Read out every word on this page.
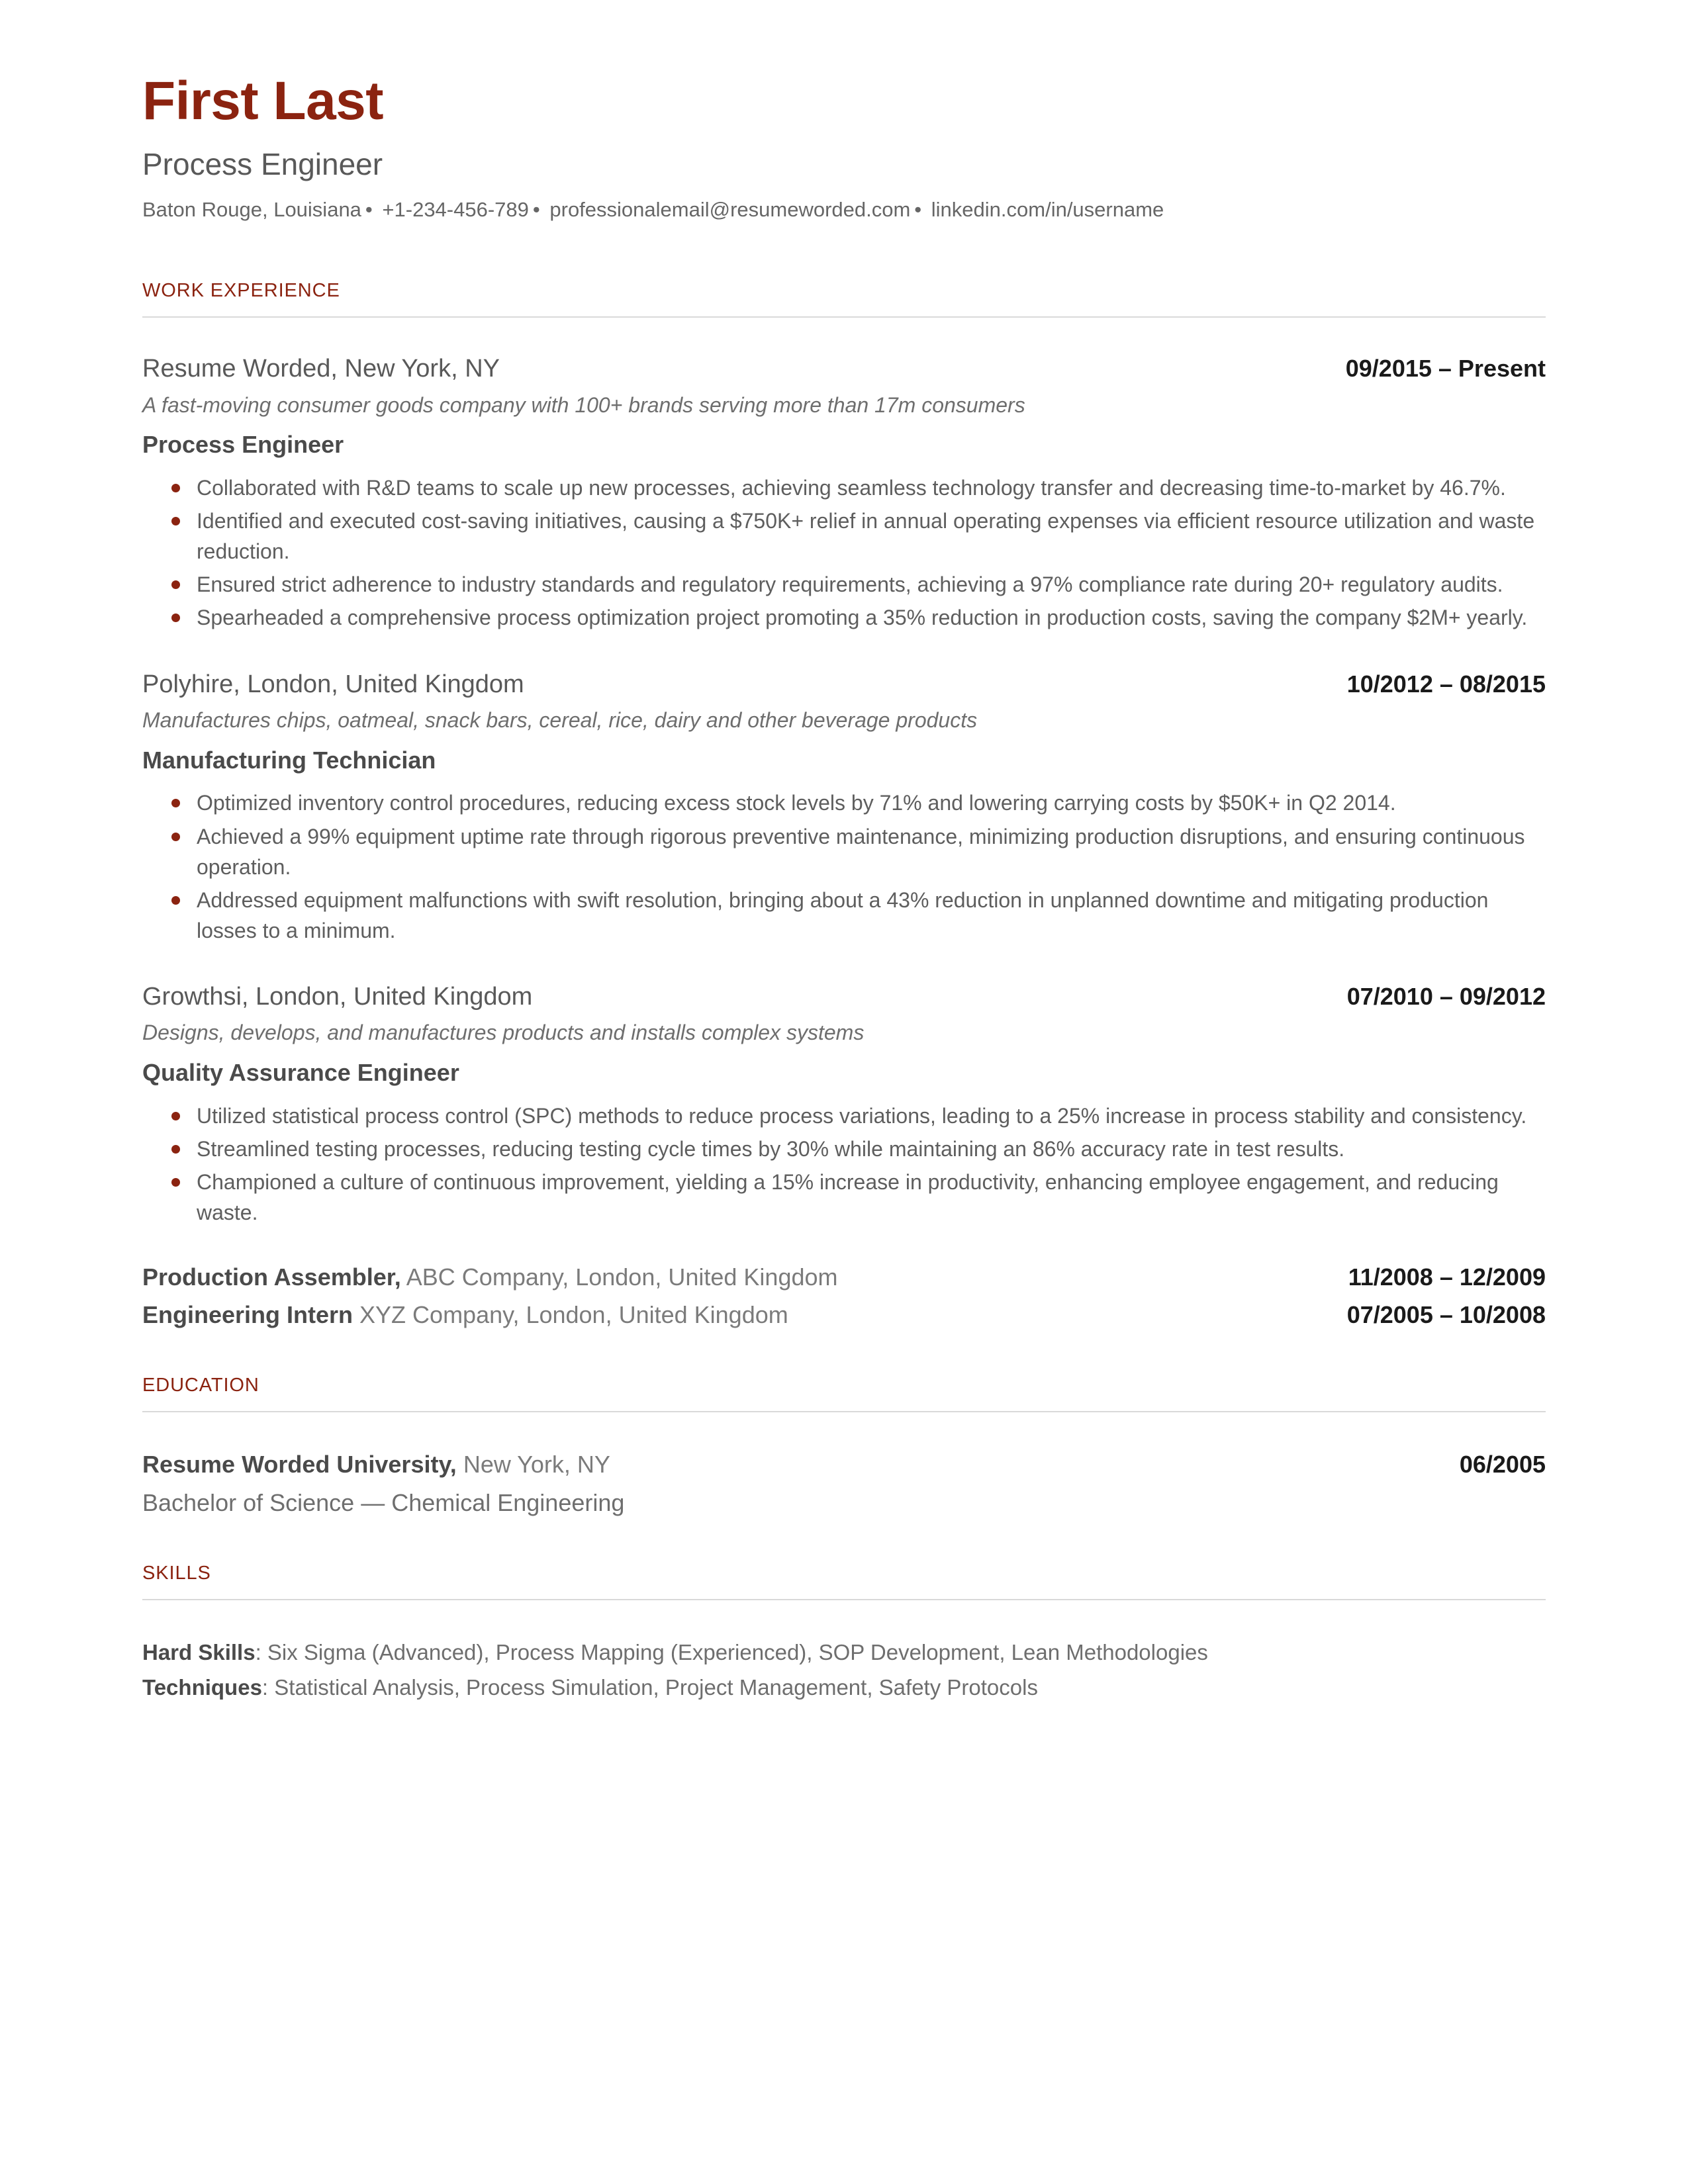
First Last
Process Engineer
Baton Rouge, Louisiana • +1-234-456-789 • professionalemail@resumeworded.com • linkedin.com/in/username
WORK EXPERIENCE
Resume Worded, New York, NY	09/2015 – Present
A fast-moving consumer goods company with 100+ brands serving more than 17m consumers
Process Engineer
Collaborated with R&D teams to scale up new processes, achieving seamless technology transfer and decreasing time-to-market by 46.7%.
Identified and executed cost-saving initiatives, causing a $750K+ relief in annual operating expenses via efficient resource utilization and waste reduction.
Ensured strict adherence to industry standards and regulatory requirements, achieving a 97% compliance rate during 20+ regulatory audits.
Spearheaded a comprehensive process optimization project promoting a 35% reduction in production costs, saving the company $2M+ yearly.
Polyhire, London, United Kingdom	10/2012 – 08/2015
Manufactures chips, oatmeal, snack bars, cereal, rice, dairy and other beverage products
Manufacturing Technician
Optimized inventory control procedures, reducing excess stock levels by 71% and lowering carrying costs by $50K+ in Q2 2014.
Achieved a 99% equipment uptime rate through rigorous preventive maintenance, minimizing production disruptions, and ensuring continuous operation.
Addressed equipment malfunctions with swift resolution, bringing about a 43% reduction in unplanned downtime and mitigating production losses to a minimum.
Growthsi, London, United Kingdom	07/2010 – 09/2012
Designs, develops, and manufactures products and installs complex systems
Quality Assurance Engineer
Utilized statistical process control (SPC) methods to reduce process variations, leading to a 25% increase in process stability and consistency.
Streamlined testing processes, reducing testing cycle times by 30% while maintaining an 86% accuracy rate in test results.
Championed a culture of continuous improvement, yielding a 15% increase in productivity, enhancing employee engagement, and reducing waste.
Production Assembler, ABC Company, London, United Kingdom	11/2008 – 12/2009
Engineering Intern XYZ Company, London, United Kingdom	07/2005 – 10/2008
EDUCATION
Resume Worded University, New York, NY	06/2005
Bachelor of Science — Chemical Engineering
SKILLS
Hard Skills: Six Sigma (Advanced), Process Mapping (Experienced), SOP Development, Lean Methodologies
Techniques: Statistical Analysis, Process Simulation, Project Management, Safety Protocols
